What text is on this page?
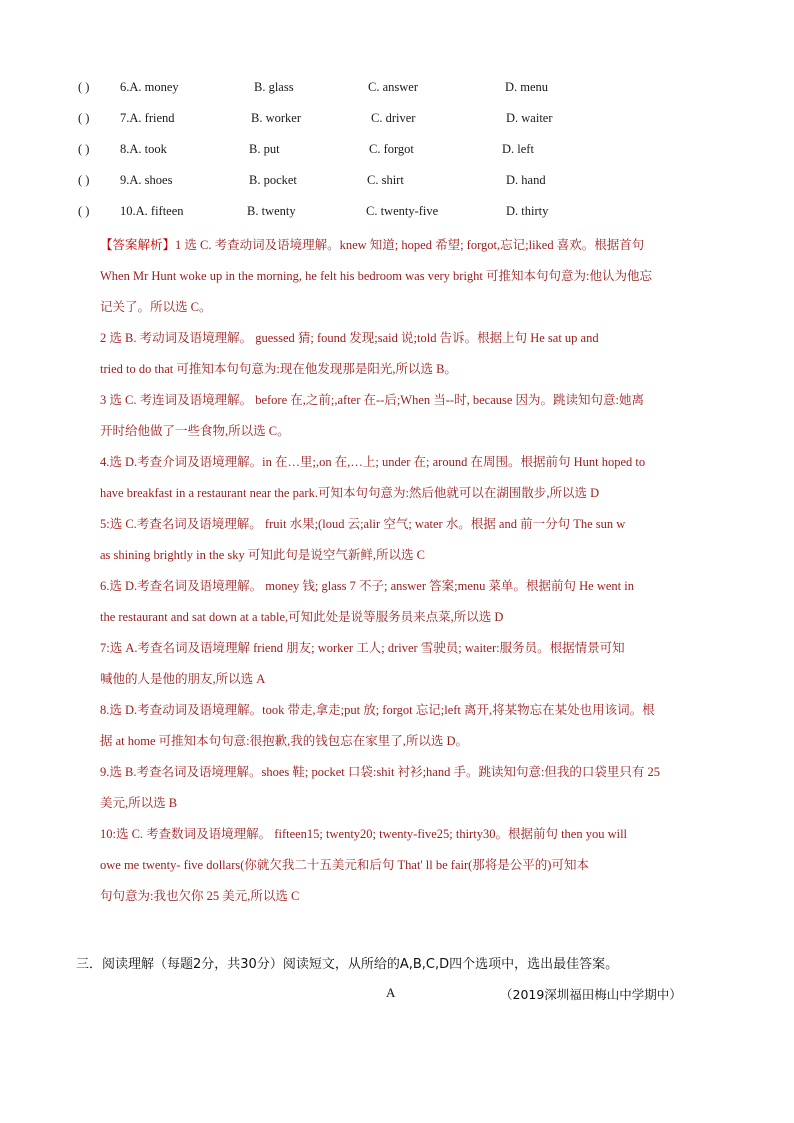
( ) 6.A. money	B. glass	C. answer	D. menu
( ) 7.A. friend	B. worker	C. driver	D. waiter
( ) 8.A. took	B. put	C. forgot	D. left
( ) 9.A. shoes	B. pocket	C. shirt	D. hand
( ) 10.A. fifteen	B. twenty	C. twenty-five	D. thirty
【答案解析】1 选 C. 考查动词及语境理解。knew 知道; hoped 希望; forgot,忘记;liked 喜欢。根据首句
When Mr Hunt woke up in the morning, he felt his bedroom was very bright 可推知本句句意为:他认为他忘
记关了。所以选 C。
2 选 B. 考动词及语境理解。 guessed 猜; found 发现;said 说;told 告诉。根据上句 He sat up and
tried to do that 可推知本句句意为:现在他发现那是阳光,所以选 B。
3 选 C. 考连词及语境理解。 before 在,之前;,after 在--后;When 当--时, because 因为。跳读知句意:她离
开时给他做了一些食物,所以选 C。
4.选 D.考查介词及语境理解。in 在…里;,on 在,…上; under 在; around 在周围。根据前句 Hunt hoped to
have breakfast in a restaurant near the park.可知本句句意为:然后他就可以在湖围散步,所以选 D
5:选 C.考查名词及语境理解。 fruit 水果;(loud 云;alir 空气; water 水。根据 and 前一分句 The sun w
as shining brightly in the sky 可知此句是说空气新鲜,所以选 C
6.选 D.考查名词及语境理解。 money 钱; glass 7 不子; answer 答案;menu 菜单。根据前句 He went in
the restaurant and sat down at a table,可知此处是说等服务员来点菜,所以选 D
7:选 A.考查名词及语境理解 friend 朋友; worker 工人; driver 雪驶员; waiter:服务员。根据情景可知
喊他的人是他的朋友,所以选 A
8.选 D.考查动词及语境理解。took 带走,拿走;put 放; forgot 忘记;left 离开,将某物忘在某处也用该词。根
据 at home 可推知本句句意:很抱歉,我的钱包忘在家里了,所以选 D。
9.选 B.考查名词及语境理解。shoes 鞋; pocket 口袋:shit 衬衫;hand 手。跳读知句意:但我的口袋里只有 25
美元,所以选 B
10:选 C. 考查数词及语境理解。 fifteen15; twenty20; twenty-five25; thirty30。根据前句 then you will
owe me twenty- five dollars(你就欠我二十五美元和后句 That' ll be fair(那将是公平的)可知本
句句意为:我也欠你 25 美元,所以选 C
三．阅读理解（每题2分，共30分）阅读短文，从所给的A,B,C,D四个选项中，选出最佳答案。
A	（2019深圳福田梅山中学期中）
